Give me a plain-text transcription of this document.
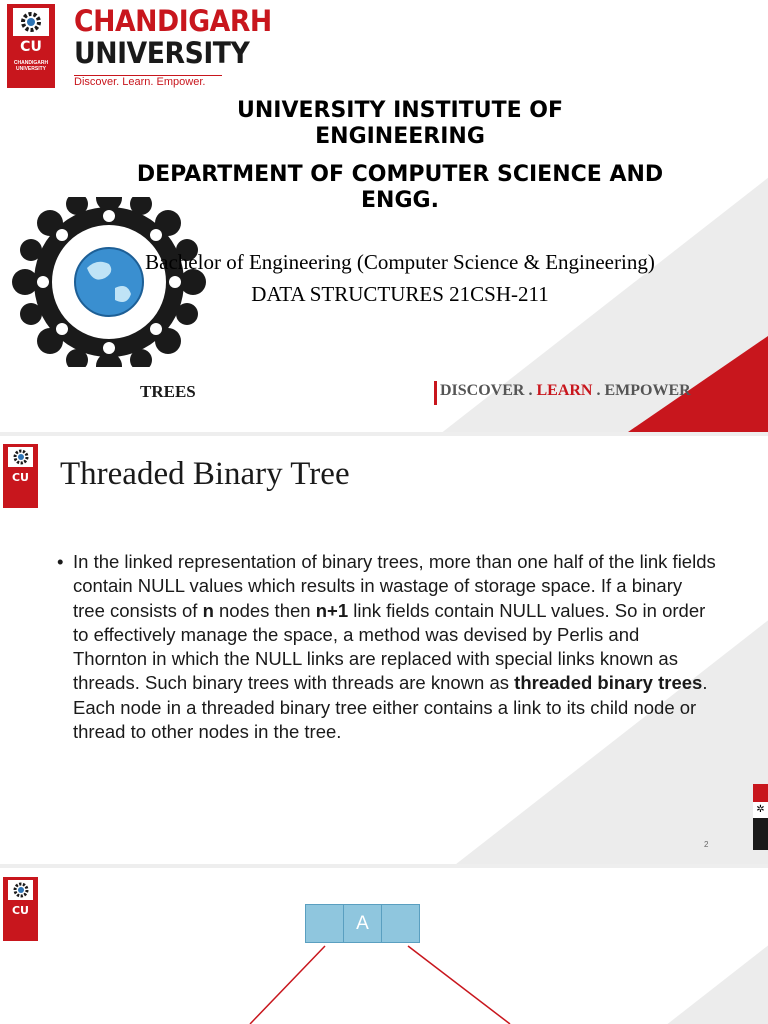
CU
CHANDIGARH
UNIVERSITY
CHANDIGARH
UNIVERSITY
Discover. Learn. Empower.
UNIVERSITY INSTITUTE OF ENGINEERING
DEPARTMENT OF COMPUTER SCIENCE AND ENGG.
Bachelor of Engineering (Computer Science & Engineering)
DATA STRUCTURES 21CSH-211
TREES	DISCOVER . LEARN . EMPOWER
CU Threaded Binary Tree
• In the linked representation of binary trees, more than one half of the link fields contain NULL values which results in wastage of storage space. If a binary tree consists of n nodes then n+1 link fields contain NULL values. So in order to effectively manage the space, a method was devised by Perlis and Thornton in which the NULL links are replaced with special links known as threads. Such binary trees with threads are known as threaded binary trees. Each node in a threaded binary tree either contains a link to its child node or thread to other nodes in the tree.
2
✲
CU
A
